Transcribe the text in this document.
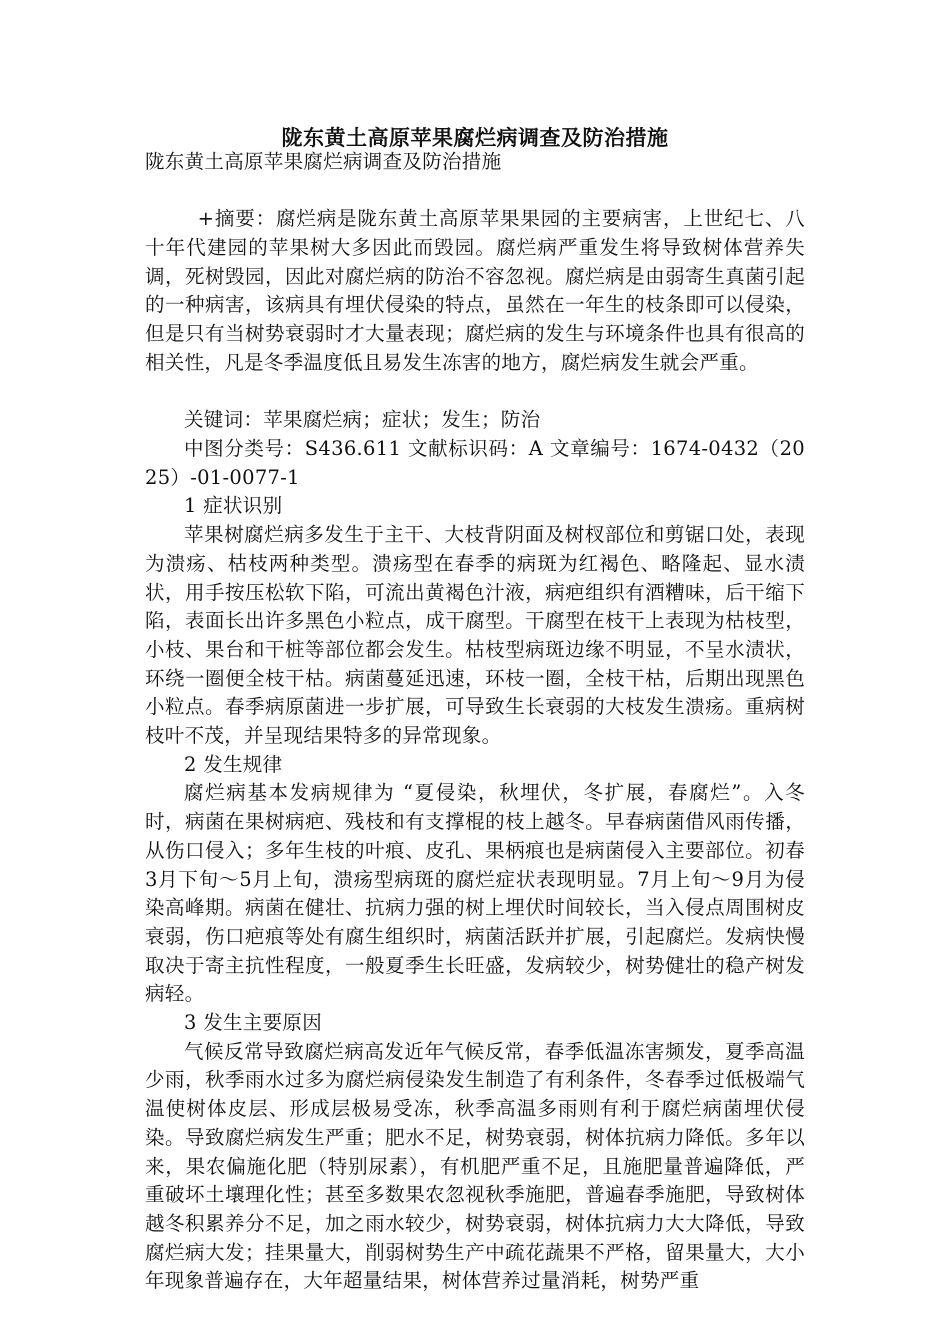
陇东黄土高原苹果腐烂病调查及防治措施
陇东黄土高原苹果腐烂病调查及防治措施

+摘要：腐烂病是陇东黄土高原苹果果园的主要病害，上世纪七、八十年代建园的苹果树大多因此而毁园。腐烂病严重发生将导致树体营养失调，死树毁园，因此对腐烂病的防治不容忽视。腐烂病是由弱寄生真菌引起的一种病害，该病具有埋伏侵染的特点，虽然在一年生的枝条即可以侵染，但是只有当树势衰弱时才大量表现；腐烂病的发生与环境条件也具有很高的相关性，凡是冬季温度低且易发生冻害的地方，腐烂病发生就会严重。

关键词：苹果腐烂病；症状；发生；防治

中图分类号：S436.611 文献标识码：A 文章编号：1674-0432（2025）-01-0077-1

1 症状识别

苹果树腐烂病多发生于主干、大枝背阴面及树杈部位和剪锯口处，表现为溃疡、枯枝两种类型。溃疡型在春季的病斑为红褐色、略隆起、显水渍状，用手按压松软下陷，可流出黄褐色汁液，病疤组织有酒糟味，后干缩下陷，表面长出许多黑色小粒点，成干腐型。干腐型在枝干上表现为枯枝型，小枝、果台和干桩等部位都会发生。枯枝型病斑边缘不明显，不呈水渍状，环绕一圈便全枝干枯。病菌蔓延迅速，环枝一圈，全枝干枯，后期出现黑色小粒点。春季病原菌进一步扩展，可导致生长衰弱的大枝发生溃疡。重病树枝叶不茂，并呈现结果特多的异常现象。

2 发生规律

腐烂病基本发病规律为 “夏侵染，秋埋伏，冬扩展，春腐烂”。入冬时，病菌在果树病疤、残枝和有支撑棍的枝上越冬。早春病菌借风雨传播，从伤口侵入；多年生枝的叶痕、皮孔、果柄痕也是病菌侵入主要部位。初春3月下旬～5月上旬，溃疡型病斑的腐烂症状表现明显。7月上旬～9月为侵染高峰期。病菌在健壮、抗病力强的树上埋伏时间较长，当入侵点周围树皮衰弱，伤口疤痕等处有腐生组织时，病菌活跃并扩展，引起腐烂。发病快慢取决于寄主抗性程度，一般夏季生长旺盛，发病较少，树势健壮的稳产树发病轻。

3 发生主要原因

气候反常导致腐烂病高发近年气候反常，春季低温冻害频发，夏季高温少雨，秋季雨水过多为腐烂病侵染发生制造了有利条件，冬春季过低极端气温使树体皮层、形成层极易受冻，秋季高温多雨则有利于腐烂病菌埋伏侵染。导致腐烂病发生严重；肥水不足，树势衰弱，树体抗病力降低。多年以来，果农偏施化肥（特别尿素），有机肥严重不足，且施肥量普遍降低，严重破坏土壤理化性；甚至多数果农忽视秋季施肥，普遍春季施肥，导致树体越冬积累养分不足，加之雨水较少，树势衰弱，树体抗病力大大降低，导致腐烂病大发；挂果量大，削弱树势生产中疏花蔬果不严格，留果量大，大小年现象普遍存在，大年超量结果，树体营养过量消耗，树势严重
